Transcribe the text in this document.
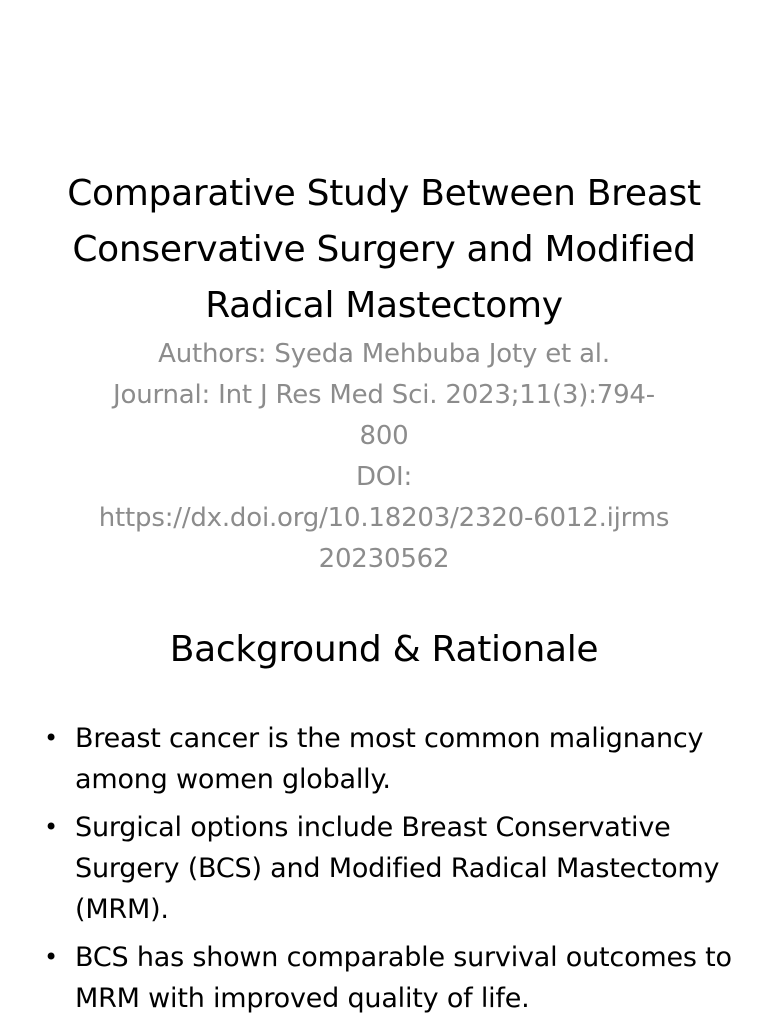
Comparative Study Between Breast Conservative Surgery and Modified Radical Mastectomy
Authors: Syeda Mehbuba Joty et al.
Journal: Int J Res Med Sci. 2023;11(3):794-800
DOI:
https://dx.doi.org/10.18203/2320-6012.ijrms20230562
Background & Rationale
• Breast cancer is the most common malignancy among women globally.
• Surgical options include Breast Conservative Surgery (BCS) and Modified Radical Mastectomy (MRM).
• BCS has shown comparable survival outcomes to MRM with improved quality of life.
